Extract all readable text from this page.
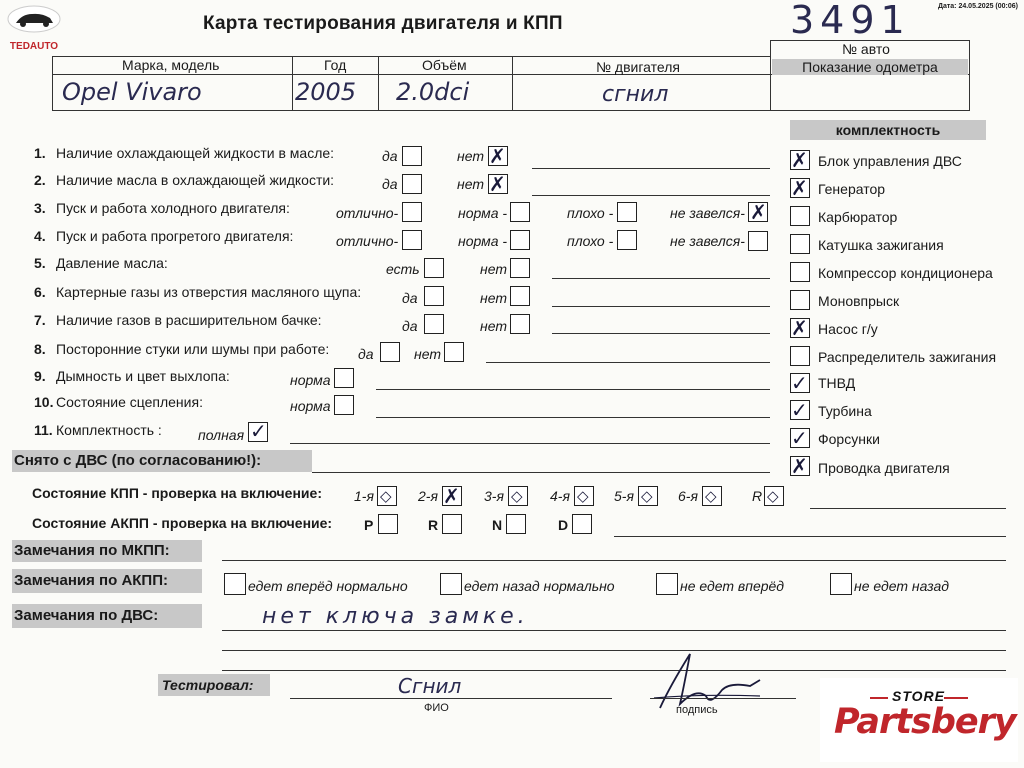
Дата: 24.05.2025 (00:06)
TEDAUTO
Карта тестирования двигателя и КПП	3491
Марка, модель	Год	Объём	№ двигателя
№ авто
Показание одометра
Opel Vivaro	2005 2.0dci	сгнил
1. Наличие охлаждающей жидкости в масле:	да	нет ✗
2. Наличие масла в охлаждающей жидкости:	да	нет ✗
3. Пуск и работа холодного двигателя:	отлично-	норма -	плохо -	не завелся- ✗
4. Пуск и работа прогретого двигателя:	отлично-	норма -	плохо -	не завелся-
5. Давление масла:	есть	нет
6. Картерные газы из отверстия масляного щупа:	да	нет
7. Наличие газов в расширительном бачке:	да	нет
8. Посторонние стуки или шумы при работе: да	нет
9. Дымность и цвет выхлопа:	норма
10. Состояние сцепления:	норма
11. Комплектность :	полная ✓
комплектность
✗ Блок управления ДВС
✗ Генератор
Карбюратор
Катушка зажигания
Компрессор кондиционера
Моновпрыск
✗ Насос г/у
Распределитель зажигания
✓ ТНВД
✓ Турбина
✓ Форсунки
✗ Проводка двигателя
Снято с ДВС (по согласованию!):
Состояние КПП - проверка на включение: 1-я ◇ 2-я ✗ 3-я ◇ 4-я ◇ 5-я ◇ 6-я ◇	R ◇
Состояние АКПП - проверка на включение: P	R	N	D
Замечания по МКПП:
Замечания по АКПП:	едет вперёд нормально	едет назад нормально	не едет вперёд	не едет назад
Замечания по ДВС:	нет ключа замке.
Тестировал:	Сгнил
ФИО	подпись
STORE
Partsbery
